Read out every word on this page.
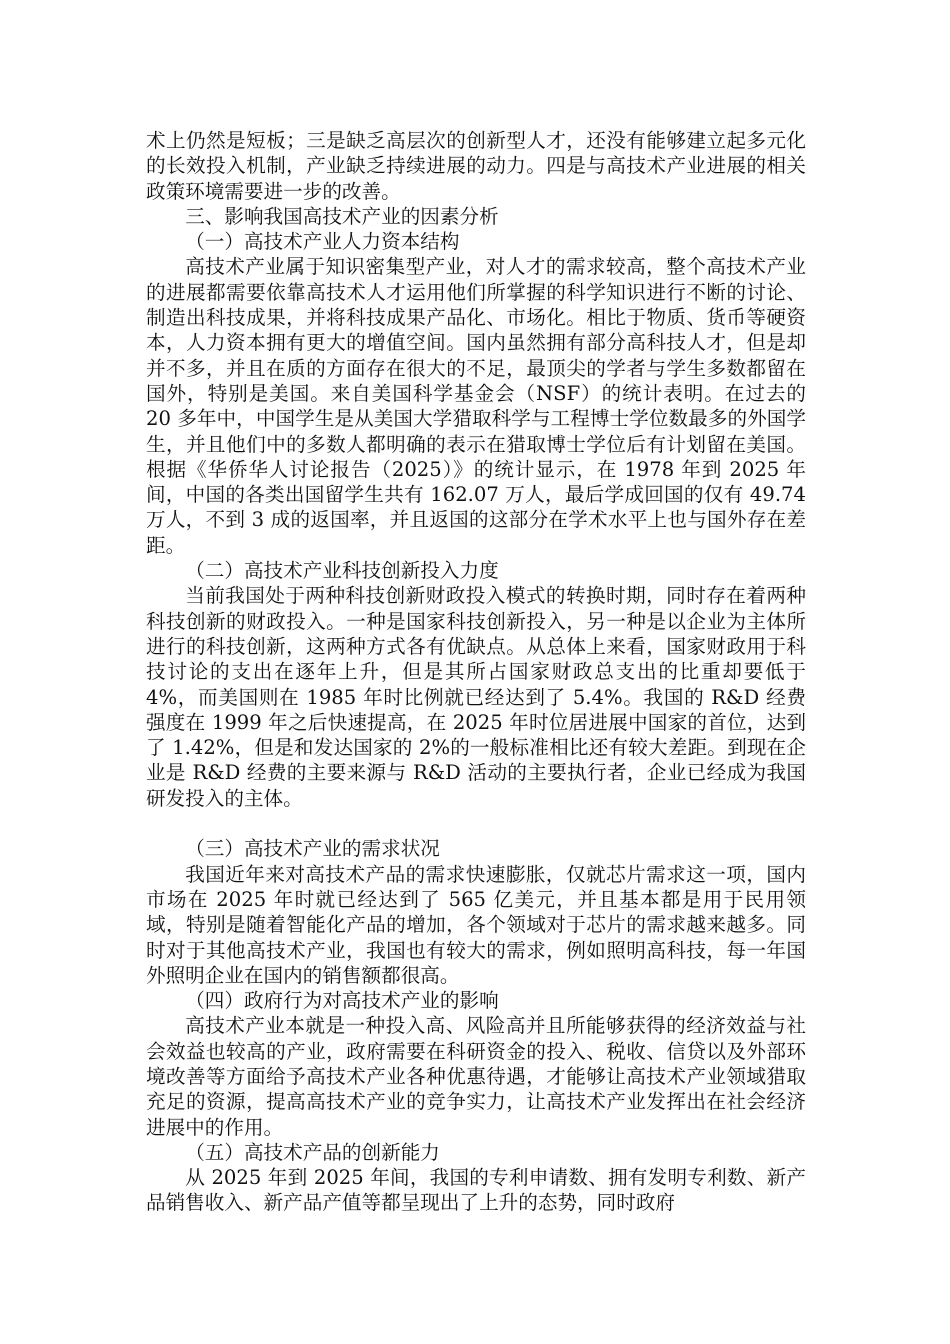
术上仍然是短板；三是缺乏高层次的创新型人才，还没有能够建立起多元化的长效投入机制，产业缺乏持续进展的动力。四是与高技术产业进展的相关政策环境需要进一步的改善。

三、影响我国高技术产业的因素分析

（一）高技术产业人力资本结构

高技术产业属于知识密集型产业，对人才的需求较高，整个高技术产业的进展都需要依靠高技术人才运用他们所掌握的科学知识进行不断的讨论、制造出科技成果，并将科技成果产品化、市场化。相比于物质、货币等硬资本，人力资本拥有更大的增值空间。国内虽然拥有部分高科技人才，但是却并不多，并且在质的方面存在很大的不足，最顶尖的学者与学生多数都留在国外，特别是美国。来自美国科学基金会（NSF）的统计表明。在过去的 20 多年中，中国学生是从美国大学猎取科学与工程博士学位数最多的外国学生，并且他们中的多数人都明确的表示在猎取博士学位后有计划留在美国。根据《华侨华人讨论报告（2025）》的统计显示，在 1978 年到 2025 年间，中国的各类出国留学生共有 162.07 万人，最后学成回国的仅有 49.74 万人，不到 3 成的返国率，并且返国的这部分在学术水平上也与国外存在差距。

（二）高技术产业科技创新投入力度

当前我国处于两种科技创新财政投入模式的转换时期，同时存在着两种科技创新的财政投入。一种是国家科技创新投入，另一种是以企业为主体所进行的科技创新，这两种方式各有优缺点。从总体上来看，国家财政用于科技讨论的支出在逐年上升，但是其所占国家财政总支出的比重却要低于 4%，而美国则在 1985 年时比例就已经达到了 5.4%。我国的 R&D 经费强度在 1999 年之后快速提高，在 2025 年时位居进展中国家的首位，达到了 1.42%，但是和发达国家的 2%的一般标准相比还有较大差距。到现在企业是 R&D 经费的主要来源与 R&D 活动的主要执行者，企业已经成为我国研发投入的主体。

（三）高技术产业的需求状况

我国近年来对高技术产品的需求快速膨胀，仅就芯片需求这一项，国内市场在 2025 年时就已经达到了 565 亿美元，并且基本都是用于民用领域，特别是随着智能化产品的增加，各个领域对于芯片的需求越来越多。同时对于其他高技术产业，我国也有较大的需求，例如照明高科技，每一年国外照明企业在国内的销售额都很高。

（四）政府行为对高技术产业的影响

高技术产业本就是一种投入高、风险高并且所能够获得的经济效益与社会效益也较高的产业，政府需要在科研资金的投入、税收、信贷以及外部环境改善等方面给予高技术产业各种优惠待遇，才能够让高技术产业领域猎取充足的资源，提高高技术产业的竞争实力，让高技术产业发挥出在社会经济进展中的作用。

（五）高技术产品的创新能力

从 2025 年到 2025 年间，我国的专利申请数、拥有发明专利数、新产品销售收入、新产品产值等都呈现出了上升的态势，同时政府
